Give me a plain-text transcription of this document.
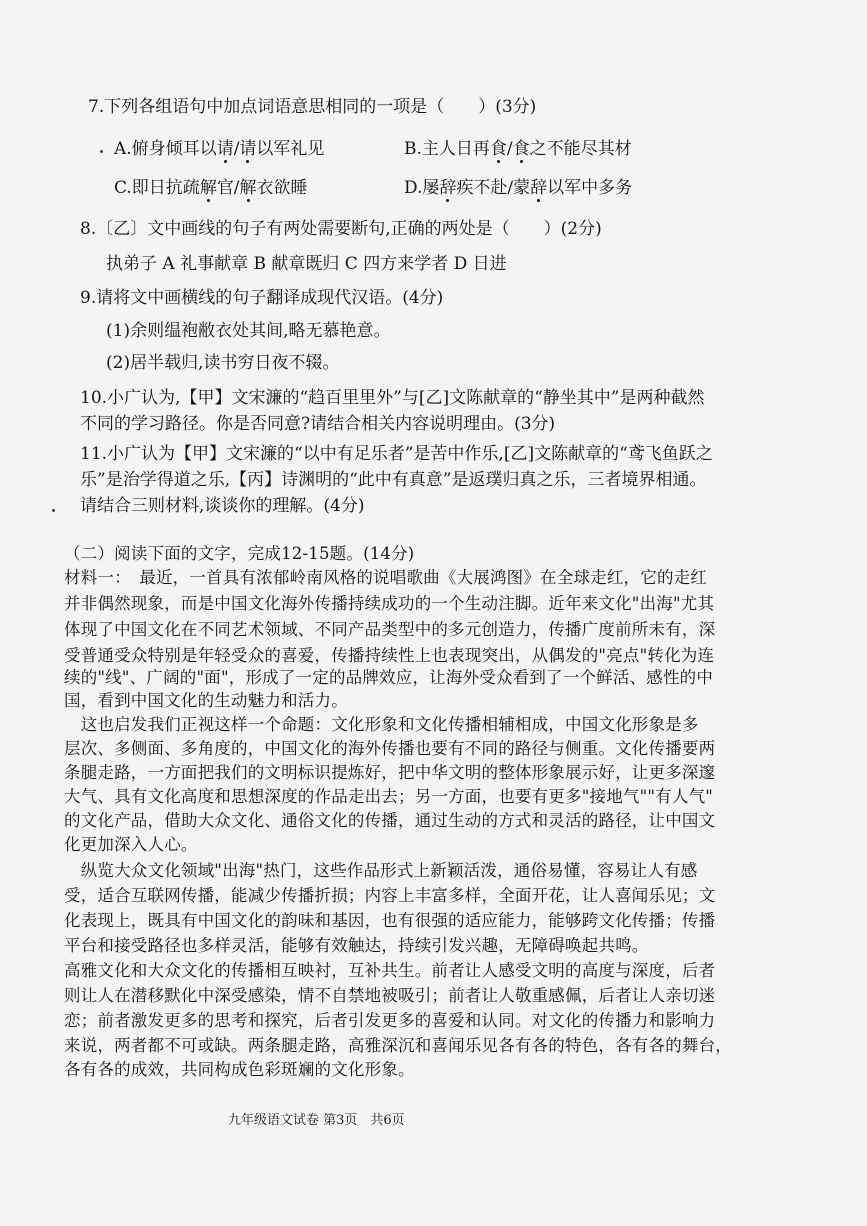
7.下列各组语句中加点词语意思相同的一项是（　　）(3分)
A.俯身倾耳以请/请以军礼见	B.主人日再食/食之不能尽其材
C.即日抗疏解官/解衣欲睡	D.屡辞疾不赴/蒙辞以军中多务
8.〔乙〕文中画线的句子有两处需要断句,正确的两处是（　　）(2分)
执弟子 A 礼事献章 B 献章既归 C 四方来学者 D 日进
9.请将文中画横线的句子翻译成现代汉语。(4分)
(1)余则缊袍敝衣处其间,略无慕艳意。
(2)居半载归,读书穷日夜不辍。
10.小广认为,【甲】文宋濂的“趋百里里外”与[乙]文陈献章的“静坐其中”是两种截然
不同的学习路径。你是否同意?请结合相关内容说明理由。(3分)
11.小广认为【甲】文宋濂的“以中有足乐者”是苦中作乐,[乙]文陈献章的“鸢飞鱼跃之
乐”是治学得道之乐,【丙】诗渊明的“此中有真意”是返璞归真之乐，三者境界相通。
请结合三则材料,谈谈你的理解。(4分)
（二）阅读下面的文字，完成12-15题。(14分)
材料一：　最近，一首具有浓郁岭南风格的说唱歌曲《大展鸿图》在全球走红，它的走红
并非偶然现象，而是中国文化海外传播持续成功的一个生动注脚。近年来文化"出海"尤其
体现了中国文化在不同艺术领域、不同产品类型中的多元创造力，传播广度前所未有，深
受普通受众特别是年轻受众的喜爱，传播持续性上也表现突出，从偶发的"亮点"转化为连
续的"线"、广阔的"面"，形成了一定的品牌效应，让海外受众看到了一个鲜活、感性的中
国，看到中国文化的生动魅力和活力。
　这也启发我们正视这样一个命题：文化形象和文化传播相辅相成，中国文化形象是多
层次、多侧面、多角度的，中国文化的海外传播也要有不同的路径与侧重。文化传播要两
条腿走路，一方面把我们的文明标识提炼好，把中华文明的整体形象展示好，让更多深邃
大气、具有文化高度和思想深度的作品走出去；另一方面，也要有更多"接地气""有人气"
的文化产品，借助大众文化、通俗文化的传播，通过生动的方式和灵活的路径，让中国文
化更加深入人心。
　纵览大众文化领域"出海"热门，这些作品形式上新颖活泼，通俗易懂，容易让人有感
受，适合互联网传播，能减少传播折损；内容上丰富多样，全面开花，让人喜闻乐见；文
化表现上，既具有中国文化的韵味和基因，也有很强的适应能力，能够跨文化传播；传播
平台和接受路径也多样灵活，能够有效触达，持续引发兴趣，无障碍唤起共鸣。
高雅文化和大众文化的传播相互映衬，互补共生。前者让人感受文明的高度与深度，后者
则让人在潜移默化中深受感染，情不自禁地被吸引；前者让人敬重感佩，后者让人亲切迷
恋；前者激发更多的思考和探究，后者引发更多的喜爱和认同。对文化的传播力和影响力
来说，两者都不可或缺。两条腿走路，高雅深沉和喜闻乐见各有各的特色，各有各的舞台，
各有各的成效，共同构成色彩斑斓的文化形象。
九年级语文试卷 第3页　共6页
